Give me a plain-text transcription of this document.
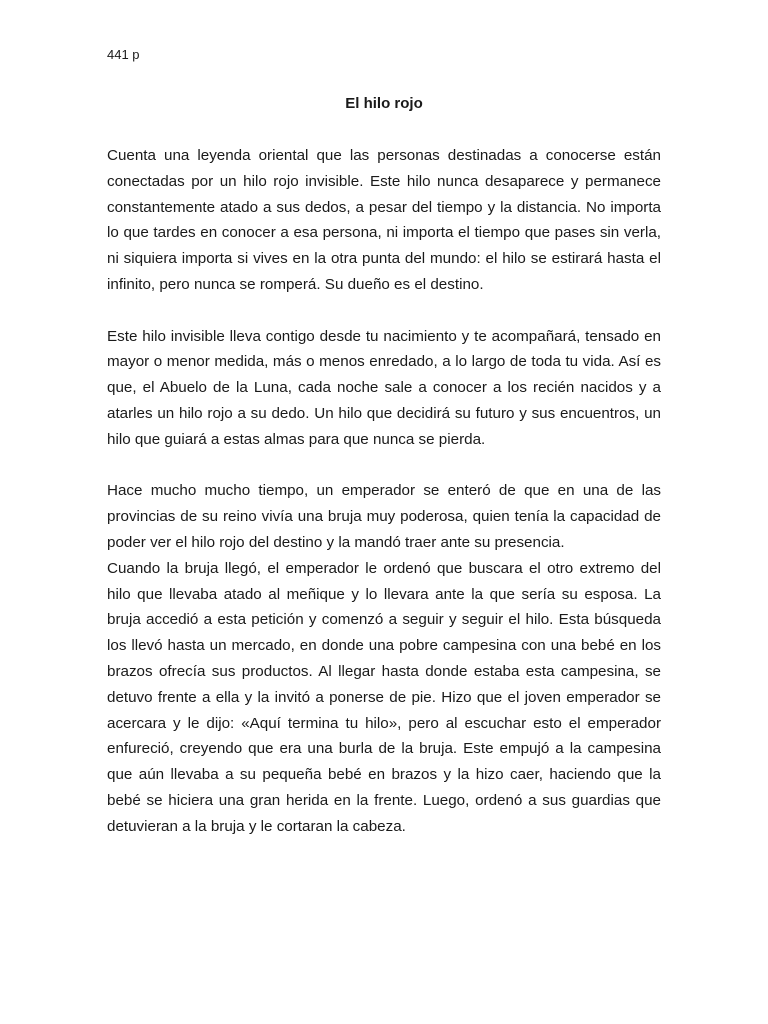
441 p
El hilo rojo

Cuenta una leyenda oriental que las personas destinadas a conocerse están conectadas por un hilo rojo invisible. Este hilo nunca desaparece y permanece constantemente atado a sus dedos, a pesar del tiempo y la distancia. No importa lo que tardes en conocer a esa persona, ni importa el tiempo que pases sin verla, ni siquiera importa si vives en la otra punta del mundo: el hilo se estirará hasta el infinito, pero nunca se romperá. Su dueño es el destino.

Este hilo invisible lleva contigo desde tu nacimiento y te acompañará, tensado en mayor o menor medida, más o menos enredado, a lo largo de toda tu vida. Así es que, el Abuelo de la Luna, cada noche sale a conocer a los recién nacidos y a atarles un hilo rojo a su dedo. Un hilo que decidirá su futuro y sus encuentros, un hilo que guiará a estas almas para que nunca se pierda.

Hace mucho mucho tiempo, un emperador se enteró de que en una de las provincias de su reino vivía una bruja muy poderosa, quien tenía la capacidad de poder ver el hilo rojo del destino y la mandó traer ante su presencia.

Cuando la bruja llegó, el emperador le ordenó que buscara el otro extremo del hilo que llevaba atado al meñique y lo llevara ante la que sería su esposa. La bruja accedió a esta petición y comenzó a seguir y seguir el hilo. Esta búsqueda los llevó hasta un mercado, en donde una pobre campesina con una bebé en los brazos ofrecía sus productos. Al llegar hasta donde estaba esta campesina, se detuvo frente a ella y la invitó a ponerse de pie. Hizo que el joven emperador se acercara y le dijo: «Aquí termina tu hilo», pero al escuchar esto el emperador enfureció, creyendo que era una burla de la bruja. Este empujó a la campesina que aún llevaba a su pequeña bebé en brazos y la hizo caer, haciendo que la bebé se hiciera una gran herida en la frente. Luego, ordenó a sus guardias que detuvieran a la bruja y le cortaran la cabeza.
